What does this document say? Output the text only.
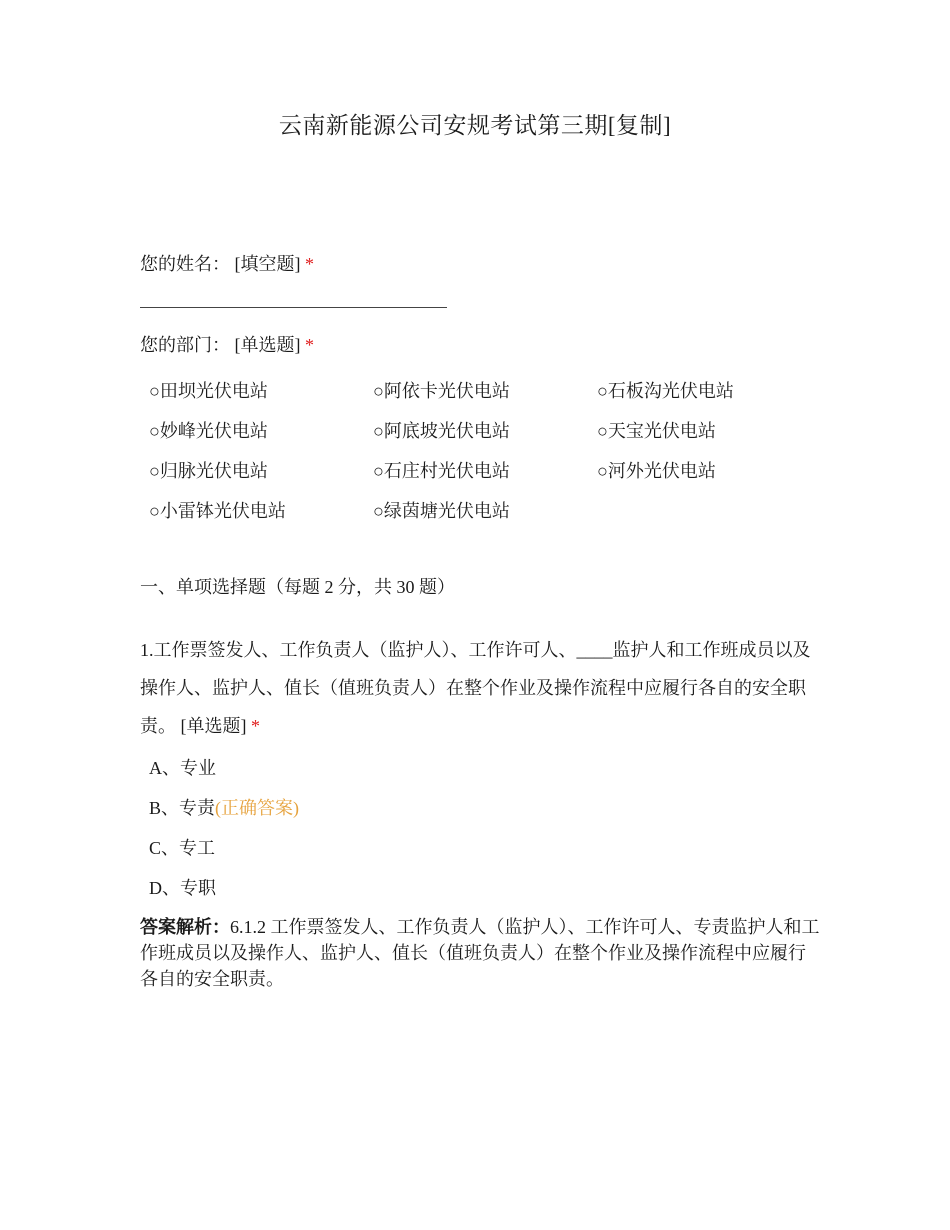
云南新能源公司安规考试第三期[复制]
您的姓名： [填空题] *
您的部门： [单选题] *
○田坝光伏电站	○阿依卡光伏电站	○石板沟光伏电站
○妙峰光伏电站	○阿底坡光伏电站	○天宝光伏电站
○归脉光伏电站	○石庄村光伏电站	○河外光伏电站
○小雷钵光伏电站	○绿茵塘光伏电站
一、单项选择题（每题 2 分，共 30 题）
1.工作票签发人、工作负责人（监护人）、工作许可人、____监护人和工作班成员以及操作人、监护人、值长（值班负责人）在整个作业及操作流程中应履行各自的安全职责。 [单选题] *
A、专业
B、专责(正确答案)
C、专工
D、专职
答案解析：6.1.2 工作票签发人、工作负责人（监护人）、工作许可人、专责监护人和工作班成员以及操作人、监护人、值长（值班负责人）在整个作业及操作流程中应履行各自的安全职责。
